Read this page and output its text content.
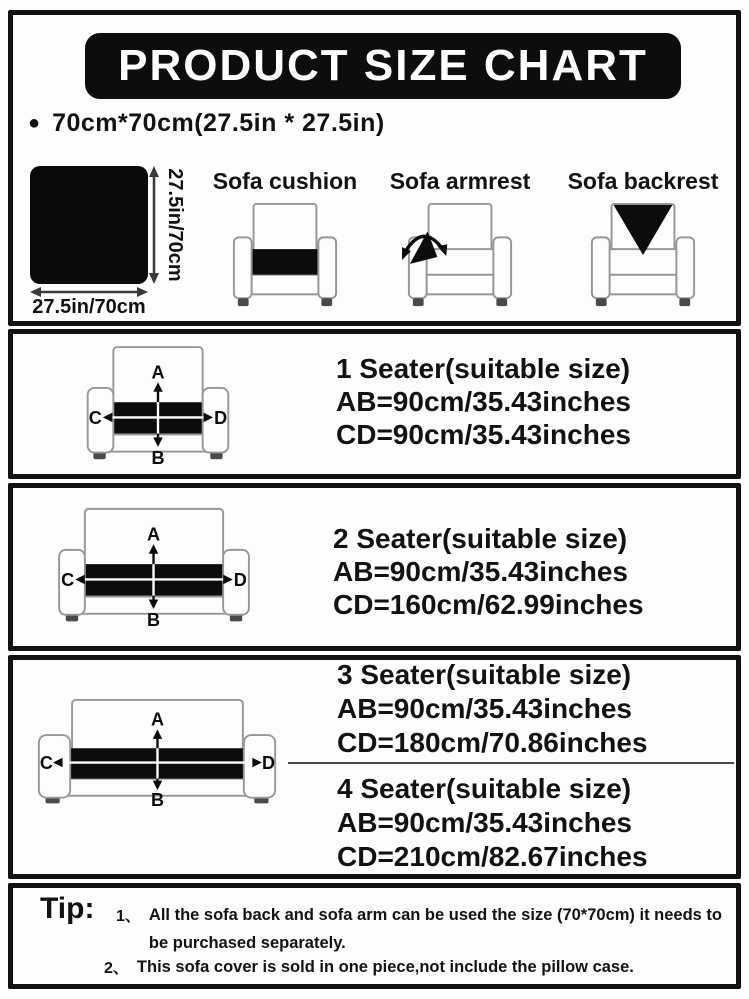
PRODUCT SIZE CHART
● 70cm*70cm(27.5in * 27.5in)
27.5in/70cm
27.5in/70cm
Sofa cushion	Sofa armrest	Sofa backrest
A
B
C	D
1 Seater(suitable size)
AB=90cm/35.43inches
CD=90cm/35.43inches
A
B
C	D
2 Seater(suitable size)
AB=90cm/35.43inches
CD=160cm/62.99inches
A
B
C	D
3 Seater(suitable size)
AB=90cm/35.43inches
CD=180cm/70.86inches
4 Seater(suitable size)
AB=90cm/35.43inches
CD=210cm/82.67inches
Tip: 1、 All the sofa back and sofa arm can be used the size (70*70cm) it needs to be purchased separately.
2、 This sofa cover is sold in one piece,not include the pillow case.
